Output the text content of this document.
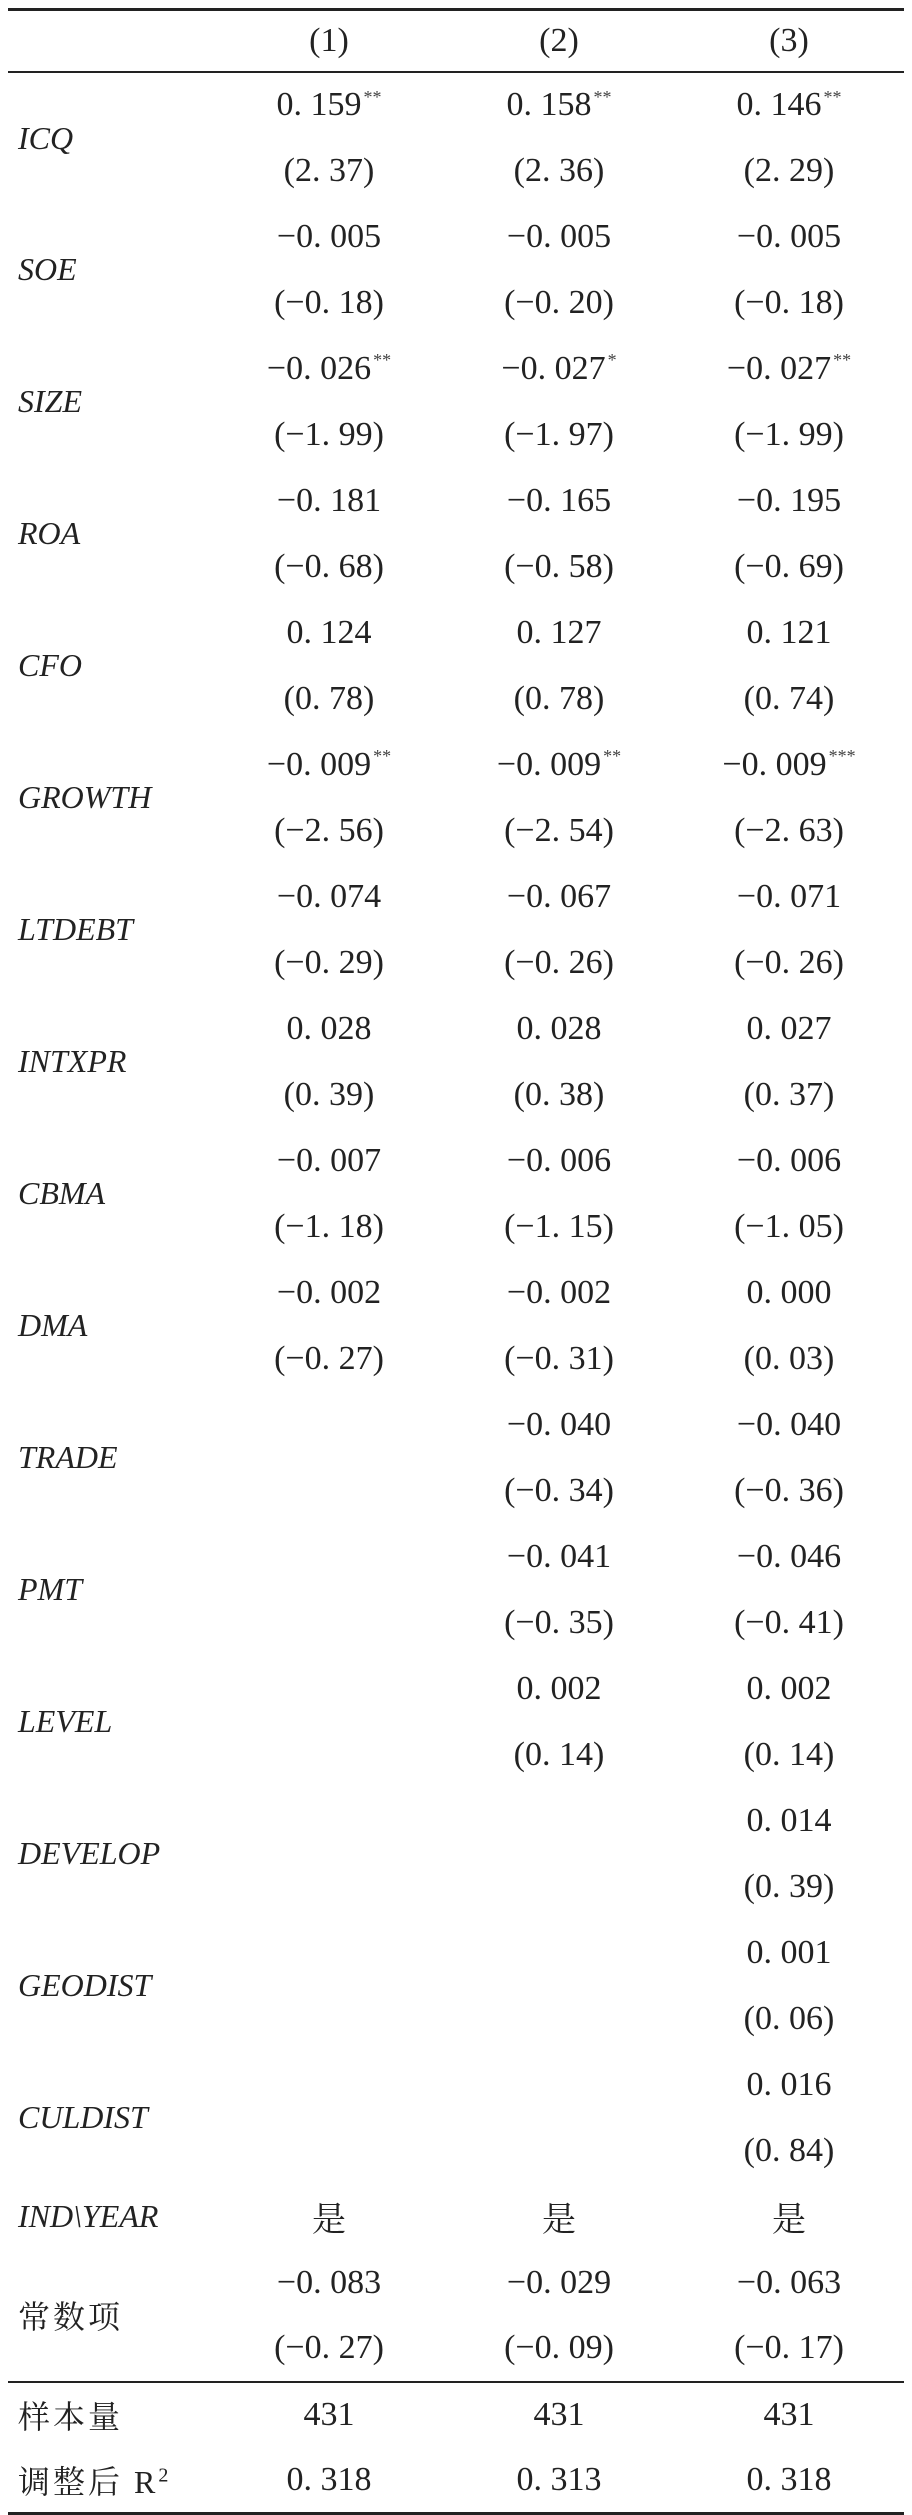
	(1)	(2)	(3)
ICQ	0. 159 **	0. 158 **	0. 146 **
	(2. 37)	(2. 36)	(2. 29)
SOE	−0. 005	−0. 005	−0. 005
	(−0. 18)	(−0. 20)	(−0. 18)
SIZE	−0. 026 **	−0. 027 *	−0. 027 **
	(−1. 99)	(−1. 97)	(−1. 99)
ROA	−0. 181	−0. 165	−0. 195
	(−0. 68)	(−0. 58)	(−0. 69)
CFO	0. 124	0. 127	0. 121
	(0. 78)	(0. 78)	(0. 74)
GROWTH	−0. 009 **	−0. 009 **	−0. 009 ***
	(−2. 56)	(−2. 54)	(−2. 63)
LTDEBT	−0. 074	−0. 067	−0. 071
	(−0. 29)	(−0. 26)	(−0. 26)
INTXPR	0. 028	0. 028	0. 027
	(0. 39)	(0. 38)	(0. 37)
CBMA	−0. 007	−0. 006	−0. 006
	(−1. 18)	(−1. 15)	(−1. 05)
DMA	−0. 002	−0. 002	0. 000
	(−0. 27)	(−0. 31)	(0. 03)
TRADE		−0. 040	−0. 040
		(−0. 34)	(−0. 36)
PMT		−0. 041	−0. 046
		(−0. 35)	(−0. 41)
LEVEL		0. 002	0. 002
		(0. 14)	(0. 14)
DEVELOP			0. 014
			(0. 39)
GEODIST			0. 001
			(0. 06)
CULDIST			0. 016
			(0. 84)
IND\YEAR	是	是	是
常数项	−0. 083	−0. 029	−0. 063
	(−0. 27)	(−0. 09)	(−0. 17)
样本量	431	431	431
调整后 $R^2$	0. 318	0. 313	0. 318
